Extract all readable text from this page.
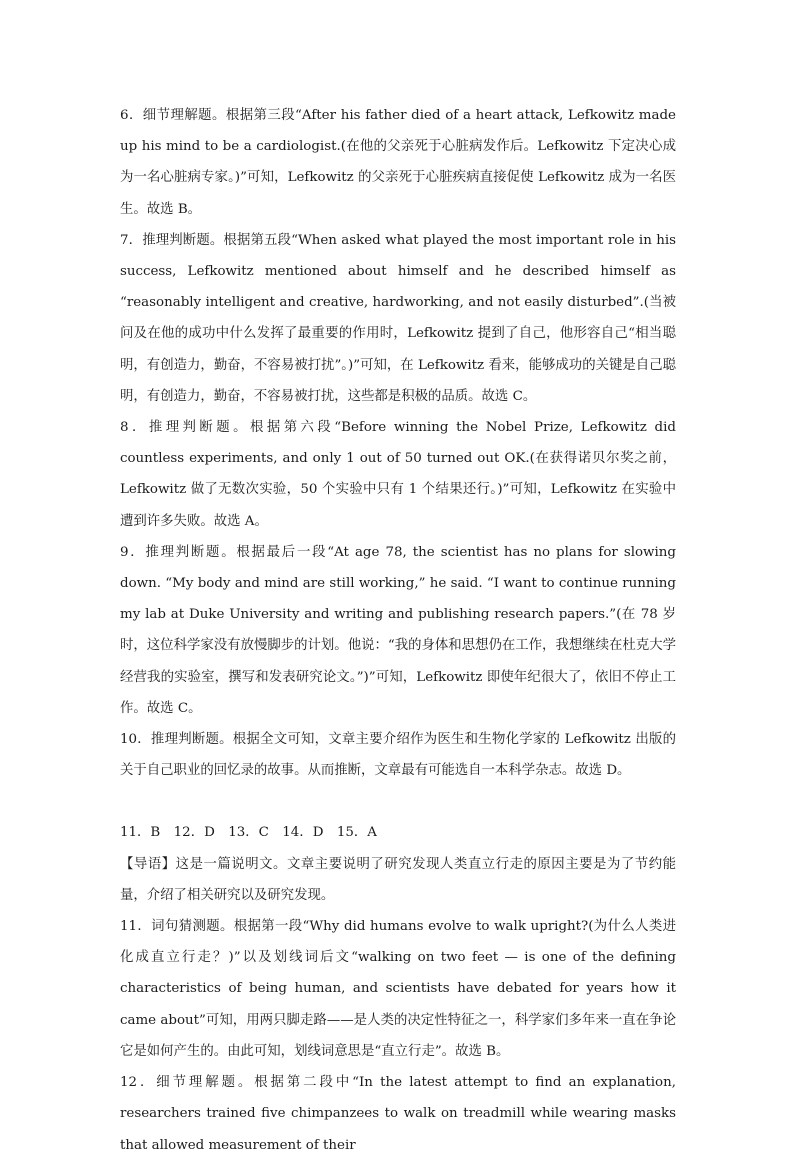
6．细节理解题。根据第三段“After his father died of a heart attack, Lefkowitz made up his mind to be a cardiologist.(在他的父亲死于心脏病发作后。Lefkowitz 下定决心成为一名心脏病专家。)”可知，Lefkowitz 的父亲死于心脏疾病直接促使 Lefkowitz 成为一名医生。故选 B。

7．推理判断题。根据第五段“When asked what played the most important role in his success, Lefkowitz mentioned about himself and he described himself as “reasonably intelligent and creative, hardworking, and not easily disturbed”.(当被问及在他的成功中什么发挥了最重要的作用时，Lefkowitz 提到了自己，他形容自己“相当聪明，有创造力，勤奋，不容易被打扰”。)”可知，在 Lefkowitz 看来，能够成功的关键是自己聪明，有创造力，勤奋，不容易被打扰，这些都是积极的品质。故选 C。

8．推理判断题。根据第六段“Before winning the Nobel Prize, Lefkowitz did countless experiments, and only 1 out of 50 turned out OK.(在获得诺贝尔奖之前，Lefkowitz 做了无数次实验，50 个实验中只有 1 个结果还行。)”可知，Lefkowitz 在实验中遭到许多失败。故选 A。

9．推理判断题。根据最后一段“At age 78, the scientist has no plans for slowing down. “My body and mind are still working,” he said. “I want to continue running my lab at Duke University and writing and publishing research papers.”(在 78 岁时，这位科学家没有放慢脚步的计划。他说：“我的身体和思想仍在工作，我想继续在杜克大学经营我的实验室，撰写和发表研究论文。”)”可知，Lefkowitz 即使年纪很大了，依旧不停止工作。故选 C。

10．推理判断题。根据全文可知，文章主要介绍作为医生和生物化学家的 Lefkowitz 出版的关于自己职业的回忆录的故事。从而推断，文章最有可能选自一本科学杂志。故选 D。

11．B　12．D　13．C　14．D　15．A

【导语】这是一篇说明文。文章主要说明了研究发现人类直立行走的原因主要是为了节约能量，介绍了相关研究以及研究发现。

11．词句猜测题。根据第一段“Why did humans evolve to walk upright?(为什么人类进化成直立行走？)”以及划线词后文“walking on two feet — is one of the defining characteristics of being human, and scientists have debated for years how it came about”可知，用两只脚走路——是人类的决定性特征之一，科学家们多年来一直在争论它是如何产生的。由此可知，划线词意思是“直立行走”。故选 B。

12．细节理解题。根据第二段中“In the latest attempt to find an explanation, researchers trained five chimpanzees to walk on treadmill while wearing masks that allowed measurement of their
